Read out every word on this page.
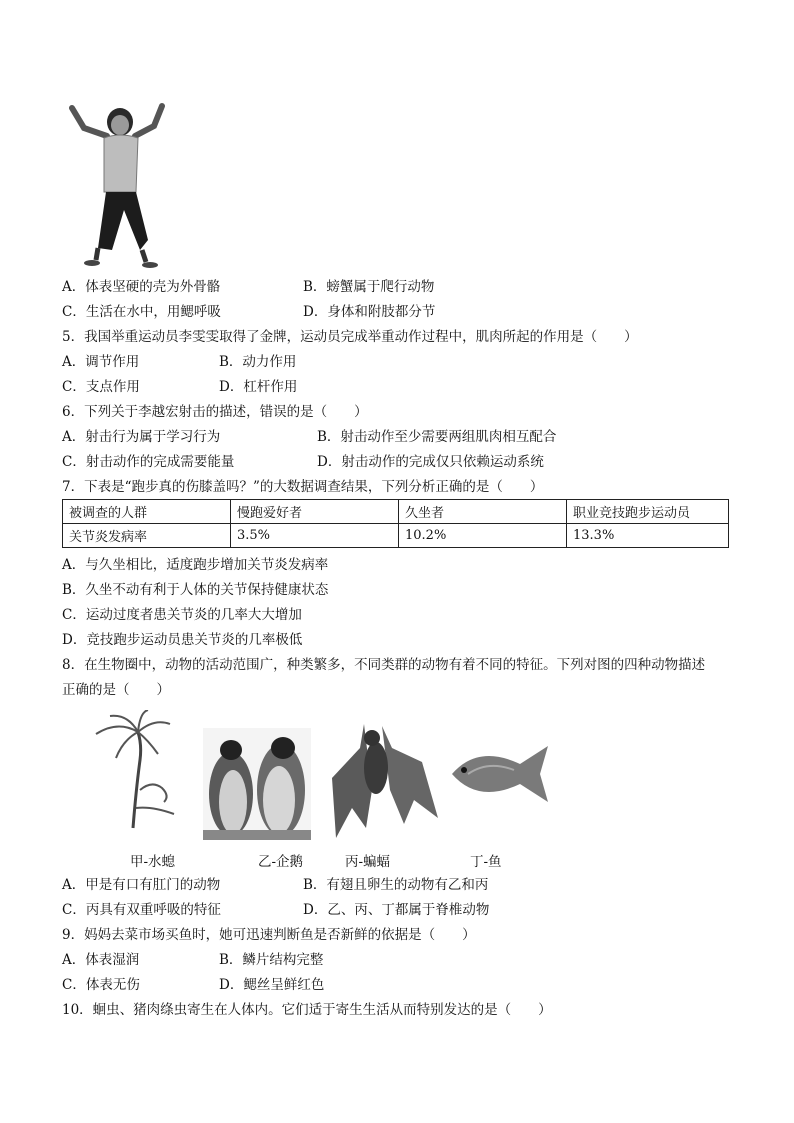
A．体表坚硬的壳为外骨骼	B．螃蟹属于爬行动物
C．生活在水中，用鳃呼吸	D．身体和附肢都分节
5．我国举重运动员李雯雯取得了金牌，运动员完成举重动作过程中，肌肉所起的作用是（　　）
A．调节作用	B．动力作用
C．支点作用	D．杠杆作用
6．下列关于李越宏射击的描述，错误的是（　　）
A．射击行为属于学习行为	B．射击动作至少需要两组肌肉相互配合
C．射击动作的完成需要能量	D．射击动作的完成仅只依赖运动系统
7．下表是“跑步真的伤膝盖吗？”的大数据调查结果，下列分析正确的是（　　）
被调查的人群	慢跑爱好者	久坐者	职业竞技跑步运动员
关节炎发病率	3.5%	10.2%	13.3%
A．与久坐相比，适度跑步增加关节炎发病率
B．久坐不动有利于人体的关节保持健康状态
C．运动过度者患关节炎的几率大大增加
D．竞技跑步运动员患关节炎的几率极低
8．在生物圈中，动物的活动范围广，种类繁多，不同类群的动物有着不同的特征。下列对图的四种动物描述
正确的是（　　）
甲-水螅	乙-企鹅	丙-蝙蝠	丁-鱼
A．甲是有口有肛门的动物	B．有翅且卵生的动物有乙和丙
C．丙具有双重呼吸的特征	D．乙、丙、丁都属于脊椎动物
9．妈妈去菜市场买鱼时，她可迅速判断鱼是否新鲜的依据是（　　）
A．体表湿润	B．鳞片结构完整
C．体表无伤	D．鳃丝呈鲜红色
10．蛔虫、猪肉绦虫寄生在人体内。它们适于寄生生活从而特别发达的是（　　）
